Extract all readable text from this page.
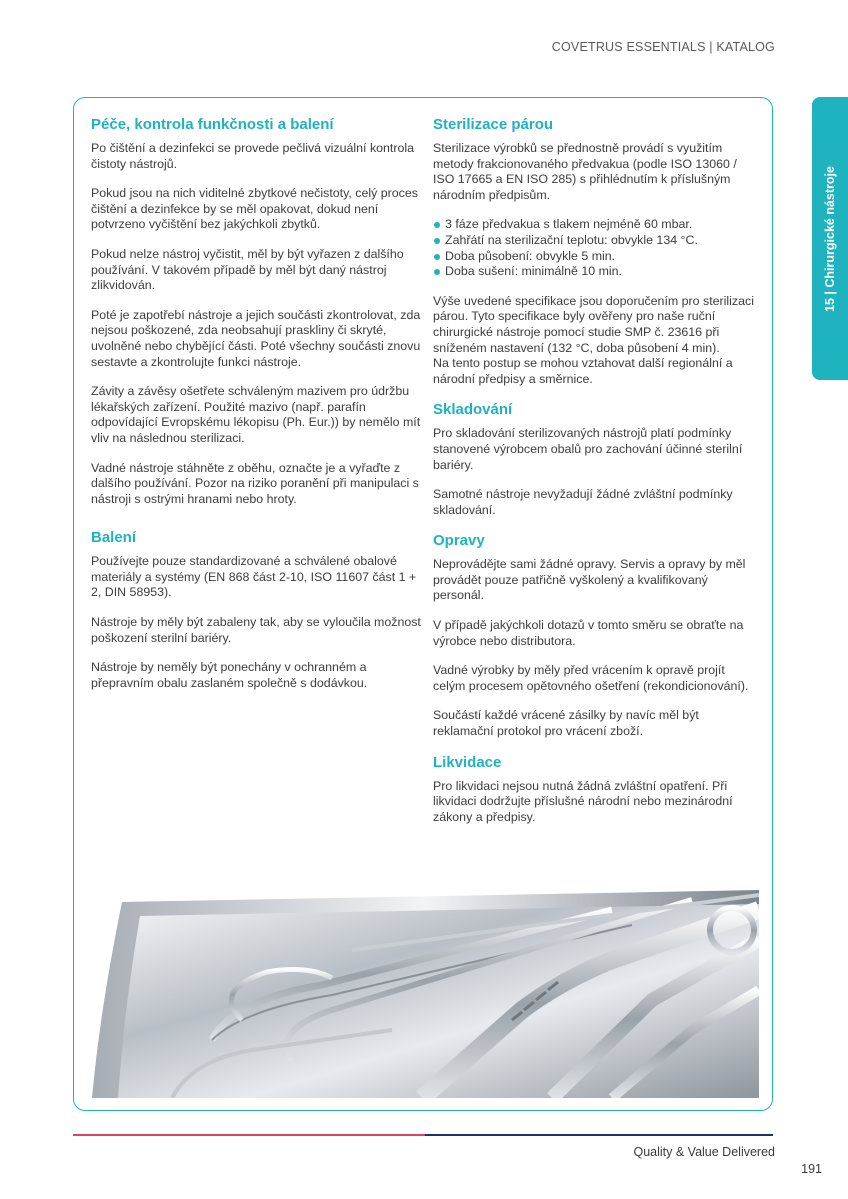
COVETRUS ESSENTIALS | KATALOG
15 | Chirurgické nástroje
Péče, kontrola funkčnosti a balení

Po čištění a dezinfekci se provede pečlivá vizuální kontrola čistoty nástrojů.

Pokud jsou na nich viditelné zbytkové nečistoty, celý proces čištění a dezinfekce by se měl opakovat, dokud není potvrzeno vyčištění bez jakýchkoli zbytků.

Pokud nelze nástroj vyčistit, měl by být vyřazen z dalšího používání. V takovém případě by měl být daný nástroj zlikvidován.

Poté je zapotřebí nástroje a jejich součásti zkontrolovat, zda nejsou poškozené, zda neobsahují praskliny či skryté, uvolněné nebo chybějící části. Poté všechny součásti znovu sestavte a zkontrolujte funkci nástroje.

Závity a závěsy ošetřete schváleným mazivem pro údržbu lékařských zařízení. Použité mazivo (např. parafín odpovídající Evropskému lékopisu (Ph. Eur.)) by nemělo mít vliv na následnou sterilizaci.

Vadné nástroje stáhněte z oběhu, označte je a vyřaďte z dalšího používání. Pozor na riziko poranění při manipulaci s nástroji s ostrými hranami nebo hroty.

Balení

Používejte pouze standardizované a schválené obalové materiály a systémy (EN 868 část 2-10, ISO 11607 část 1 + 2, DIN 58953).

Nástroje by měly být zabaleny tak, aby se vyloučila možnost poškození sterilní bariéry.

Nástroje by neměly být ponechány v ochranném a přepravním obalu zaslaném společně s dodávkou.

Sterilizace párou

Sterilizace výrobků se přednostně provádí s využitím metody frakcionovaného předvakua (podle ISO 13060 / ISO 17665 a EN ISO 285) s přihlédnutím k příslušným národním předpisům.

3 fáze předvakua s tlakem nejméně 60 mbar.
Zahřátí na sterilizační teplotu: obvykle 134 °C.
Doba působení: obvykle 5 min.
Doba sušení: minimálně 10 min.

Výše uvedené specifikace jsou doporučením pro sterilizaci párou. Tyto specifikace byly ověřeny pro naše ruční chirurgické nástroje pomocí studie SMP č. 23616 při sníženém nastavení (132 °C, doba působení 4 min).

Na tento postup se mohou vztahovat další regionální a národní předpisy a směrnice.

Skladování

Pro skladování sterilizovaných nástrojů platí podmínky stanovené výrobcem obalů pro zachování účinné sterilní bariéry.

Samotné nástroje nevyžadují žádné zvláštní podmínky skladování.

Opravy

Neprovádějte sami žádné opravy. Servis a opravy by měl provádět pouze patřičně vyškolený a kvalifikovaný personál.

V případě jakýchkoli dotazů v tomto směru se obraťte na výrobce nebo distributora.

Vadné výrobky by měly před vrácením k opravě projít celým procesem opětovného ošetření (rekondicionování).

Součástí každé vrácené zásilky by navíc měl být reklamační protokol pro vrácení zboží.

Likvidace

Pro likvidaci nejsou nutná žádná zvláštní opatření. Při likvidaci dodržujte příslušné národní nebo mezinárodní zákony a předpisy.

Quality & Value Delivered
191
